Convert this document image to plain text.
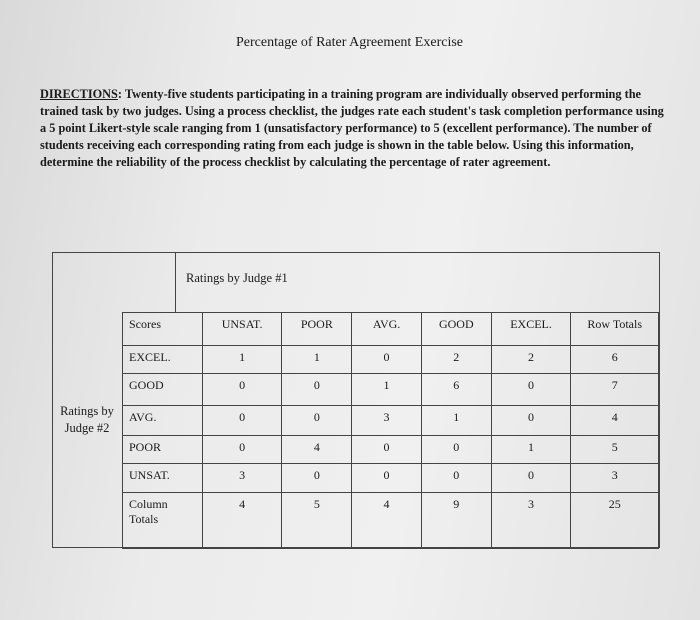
Percentage of Rater Agreement Exercise
DIRECTIONS: Twenty-five students participating in a training program are individually observed performing the trained task by two judges. Using a process checklist, the judges rate each student's task completion performance using a 5 point Likert-style scale ranging from 1 (unsatisfactory performance) to 5 (excellent performance). The number of students receiving each corresponding rating from each judge is shown in the table below. Using this information, determine the reliability of the process checklist by calculating the percentage of rater agreement.
Ratings by Judge #1
Ratings by Judge #2
Scores	UNSAT.	POOR	AVG.	GOOD	EXCEL.	Row Totals
EXCEL.	1	1	0	2	2	6
GOOD	0	0	1	6	0	7
AVG.	0	0	3	1	0	4
POOR	0	4	0	0	1	5
UNSAT.	3	0	0	0	0	3
Column Totals	4	5	4	9	3	25
